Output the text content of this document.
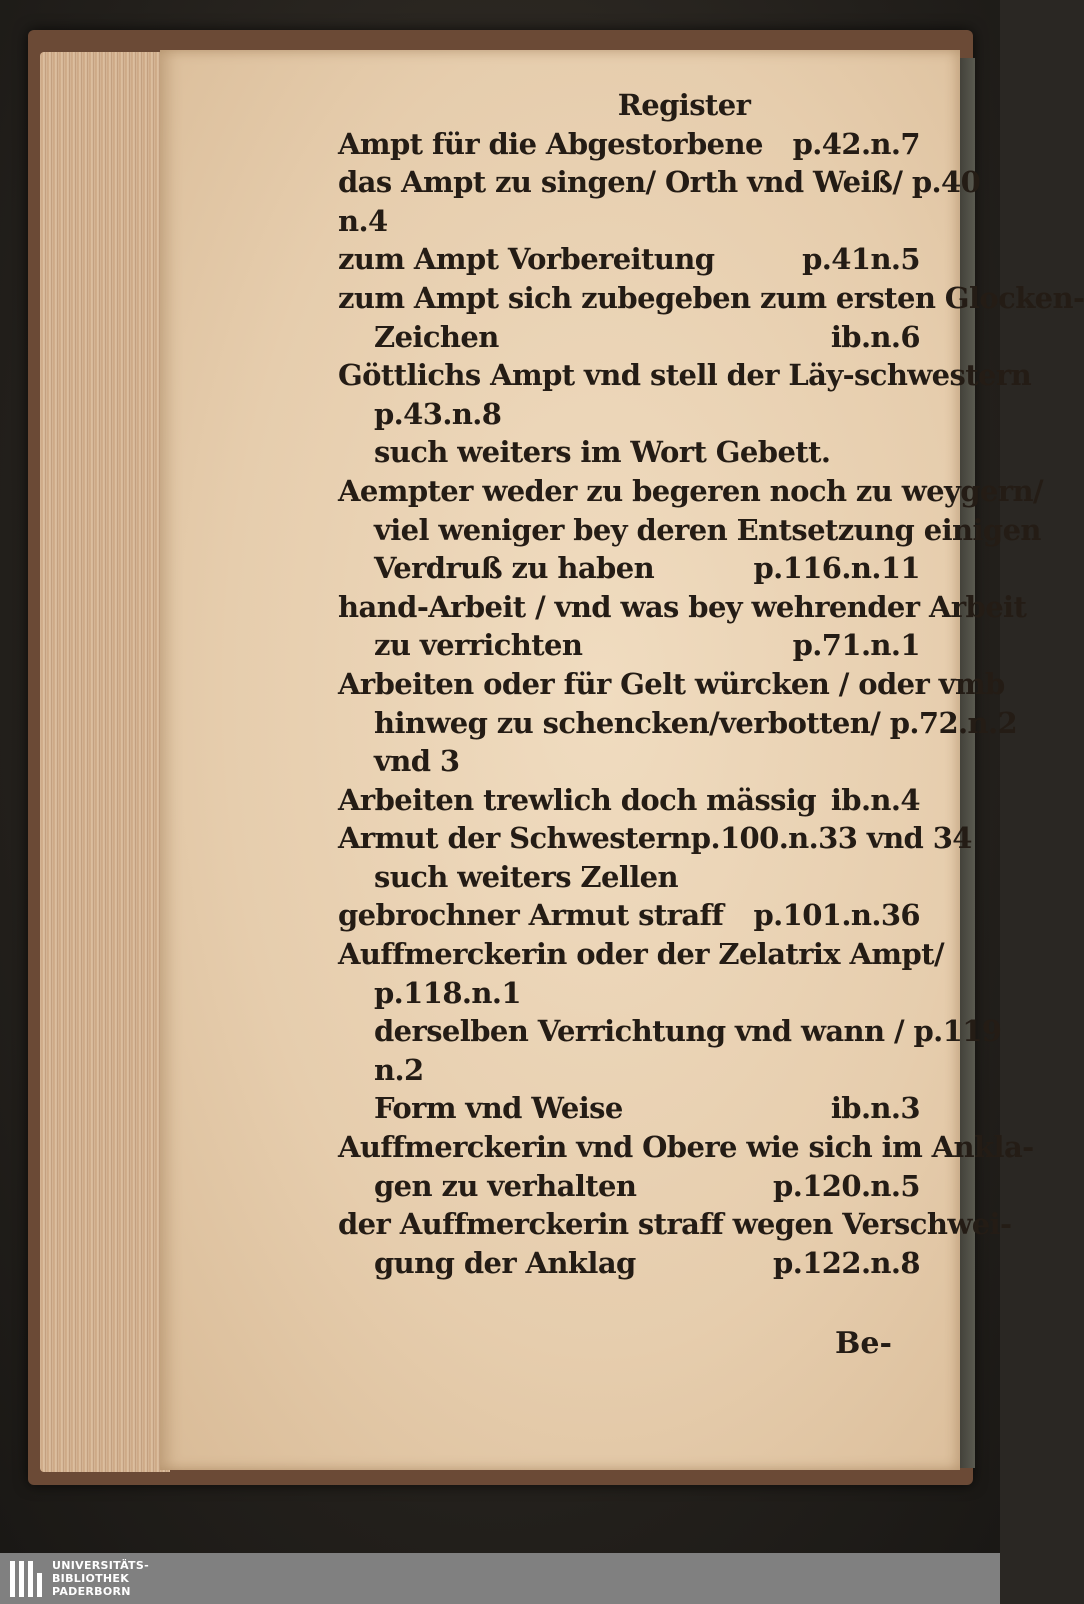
Register
Ampt für die Abgestorbene p.42.n.7
das Ampt zu singen/ Orth vnd Weiß/ p.40
n.4
zum Ampt Vorbereitung	p.41n.5
zum Ampt sich zubegeben zum ersten Glocken-
Zeichen	ib.n.6
Göttlichs Ampt vnd stell der Läy-schwestern
p.43.n.8
such weiters im Wort Gebett.
Aempter weder zu begeren noch zu weygern/
viel weniger bey deren Entsetzung einigen
Verdruß zu haben	p.116.n.11
hand-Arbeit / vnd was bey wehrender Arbeit
zu verrichten	p.71.n.1
Arbeiten oder für Gelt würcken / oder vmb
hinweg zu schencken/verbotten/ p.72.n.2
vnd 3
Arbeiten trewlich doch mässig ib.n.4
Armut der Schwestern p.100.n.33 vnd 34
such weiters Zellen
gebrochner Armut straff p.101.n.36
Auffmerckerin oder der Zelatrix Ampt/
p.118.n.1
derselben Verrichtung vnd wann / p.119
n.2
Form vnd Weise	ib.n.3
Auffmerckerin vnd Obere wie sich im Ankla-
gen zu verhalten	p.120.n.5
der Auffmerckerin straff wegen Verschwei-
gung der Anklag	p.122.n.8
Be-
UNIVERSITÄTS-
BIBLIOTHEK
PADERBORN
